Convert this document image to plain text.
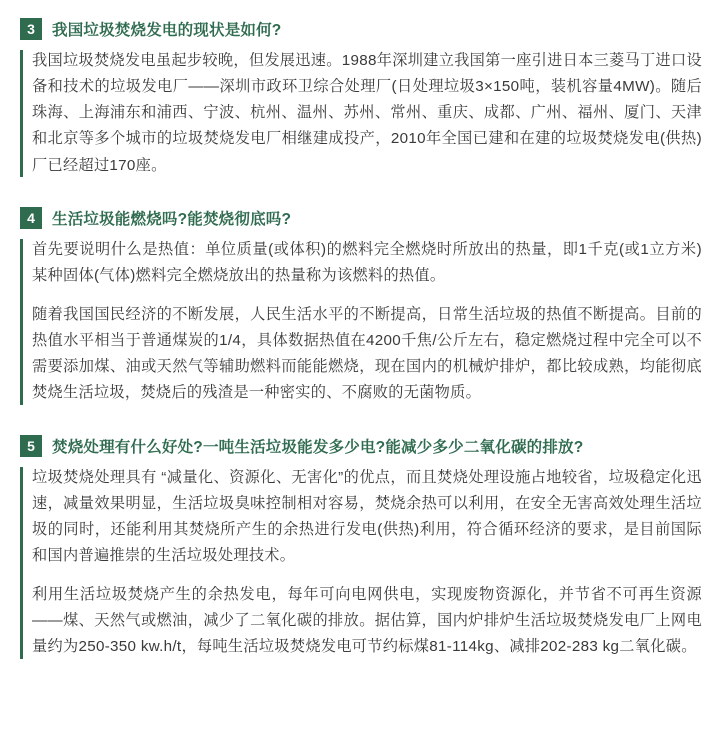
3	我国垃圾焚烧发电的现状是如何?

我国垃圾焚烧发电虽起步较晚，但发展迅速。1988年深圳建立我国第一座引进日本三菱马丁进口设备和技术的垃圾发电厂——深圳市政环卫综合处理厂(日处理垃圾3×150吨，装机容量4MW)。随后珠海、上海浦东和浦西、宁波、杭州、温州、苏州、常州、重庆、成都、广州、福州、厦门、天津和北京等多个城市的垃圾焚烧发电厂相继建成投产，2010年全国已建和在建的垃圾焚烧发电(供热)厂已经超过170座。

4	生活垃圾能燃烧吗?能焚烧彻底吗?

首先要说明什么是热值：单位质量(或体积)的燃料完全燃烧时所放出的热量，即1千克(或1立方米)某种固体(气体)燃料完全燃烧放出的热量称为该燃料的热值。

随着我国国民经济的不断发展，人民生活水平的不断提高，日常生活垃圾的热值不断提高。目前的热值水平相当于普通煤炭的1/4，具体数据热值在4200千焦/公斤左右，稳定燃烧过程中完全可以不需要添加煤、油或天然气等辅助燃料而能能燃烧，现在国内的机械炉排炉，都比较成熟，均能彻底焚烧生活垃圾，焚烧后的残渣是一种密实的、不腐败的无菌物质。

5	焚烧处理有什么好处?一吨生活垃圾能发多少电?能减少多少二氧化碳的排放?

垃圾焚烧处理具有 “减量化、资源化、无害化”的优点，而且焚烧处理设施占地较省，垃圾稳定化迅速，减量效果明显，生活垃圾臭味控制相对容易，焚烧余热可以利用，在安全无害高效处理生活垃圾的同时，还能利用其焚烧所产生的余热进行发电(供热)利用，符合循环经济的要求，是目前国际和国内普遍推崇的生活垃圾处理技术。

利用生活垃圾焚烧产生的余热发电，每年可向电网供电，实现废物资源化，并节省不可再生资源——煤、天然气或燃油，减少了二氧化碳的排放。据估算，国内炉排炉生活垃圾焚烧发电厂上网电量约为250-350 kw.h/t，每吨生活垃圾焚烧发电可节约标煤81-114kg、减排202-283 kg二氧化碳。
